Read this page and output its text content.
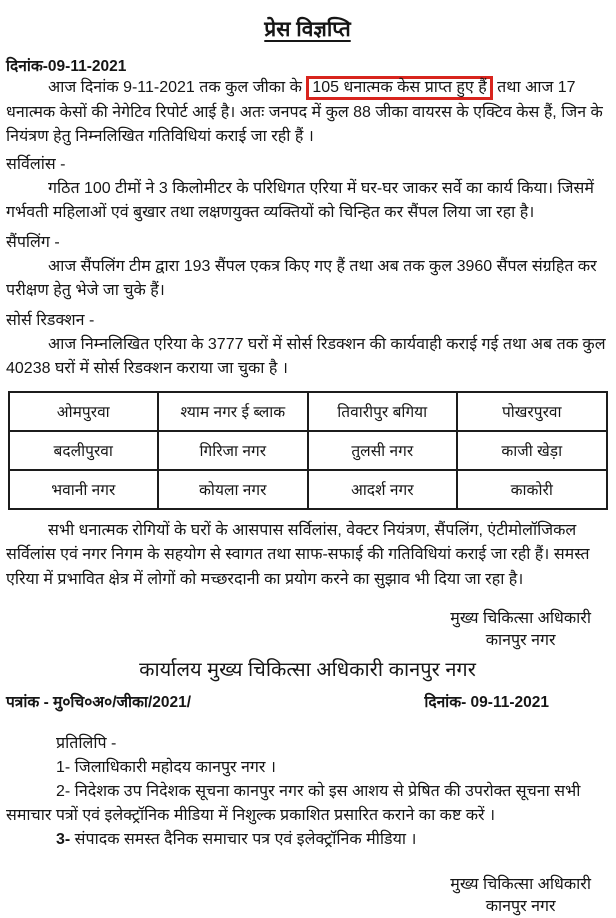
प्रेस विज्ञप्ति
दिनांक-09-11-2021

आज दिनांक 9-11-2021 तक कुल जीका के 105 धनात्मक केस प्राप्त हुए हैं तथा आज 17 धनात्मक केसों की नेगेटिव रिपोर्ट आई है। अतः जनपद में कुल 88 जीका वायरस के एक्टिव केस हैं, जिन के नियंत्रण हेतु निम्नलिखित गतिविधियां कराई जा रही हैं ।

सर्विलांस -

गठित 100 टीमों ने 3 किलोमीटर के परिधिगत एरिया में घर-घर जाकर सर्वे का कार्य किया। जिसमें गर्भवती महिलाओं एवं बुखार तथा लक्षणयुक्त व्यक्तियों को चिन्हित कर सैंपल लिया जा रहा है।

सैंपलिंग -

आज सैंपलिंग टीम द्वारा 193 सैंपल एकत्र किए गए हैं तथा अब तक कुल 3960 सैंपल संग्रहित कर परीक्षण हेतु भेजे जा चुके हैं।

सोर्स रिडक्शन -

आज निम्नलिखित एरिया के 3777 घरों में सोर्स रिडक्शन की कार्यवाही कराई गई तथा अब तक कुल 40238 घरों में सोर्स रिडक्शन कराया जा चुका है ।

ओमपुरवा	श्याम नगर ई ब्लाक	तिवारीपुर बगिया	पोखरपुरवा
बदलीपुरवा	गिरिजा नगर	तुलसी नगर	काजी खेड़ा
भवानी नगर	कोयला नगर	आदर्श नगर	काकोरी

सभी धनात्मक रोगियों के घरों के आसपास सर्विलांस, वेक्टर नियंत्रण, सैंपलिंग, एंटीमोलॉजिकल सर्विलांस एवं नगर निगम के सहयोग से स्वागत तथा साफ-सफाई की गतिविधियां कराई जा रही हैं। समस्त एरिया में प्रभावित क्षेत्र में लोगों को मच्छरदानी का प्रयोग करने का सुझाव भी दिया जा रहा है।

मुख्य चिकित्सा अधिकारी
कानपुर नगर
कार्यालय मुख्य चिकित्सा अधिकारी कानपुर नगर
पत्रांक - मु०चि०अ०/जीका/2021/	दिनांक- 09-11-2021
प्रतिलिपि -
1- जिलाधिकारी महोदय कानपुर नगर ।
2- निदेशक उप निदेशक सूचना कानपुर नगर को इस आशय से प्रेषित की उपरोक्त सूचना सभी समाचार पत्रों एवं इलेक्ट्रॉनिक मीडिया में निशुल्क प्रकाशित प्रसारित कराने का कष्ट करें ।
3- संपादक समस्त दैनिक समाचार पत्र एवं इलेक्ट्रॉनिक मीडिया ।
मुख्य चिकित्सा अधिकारी
कानपुर नगर
